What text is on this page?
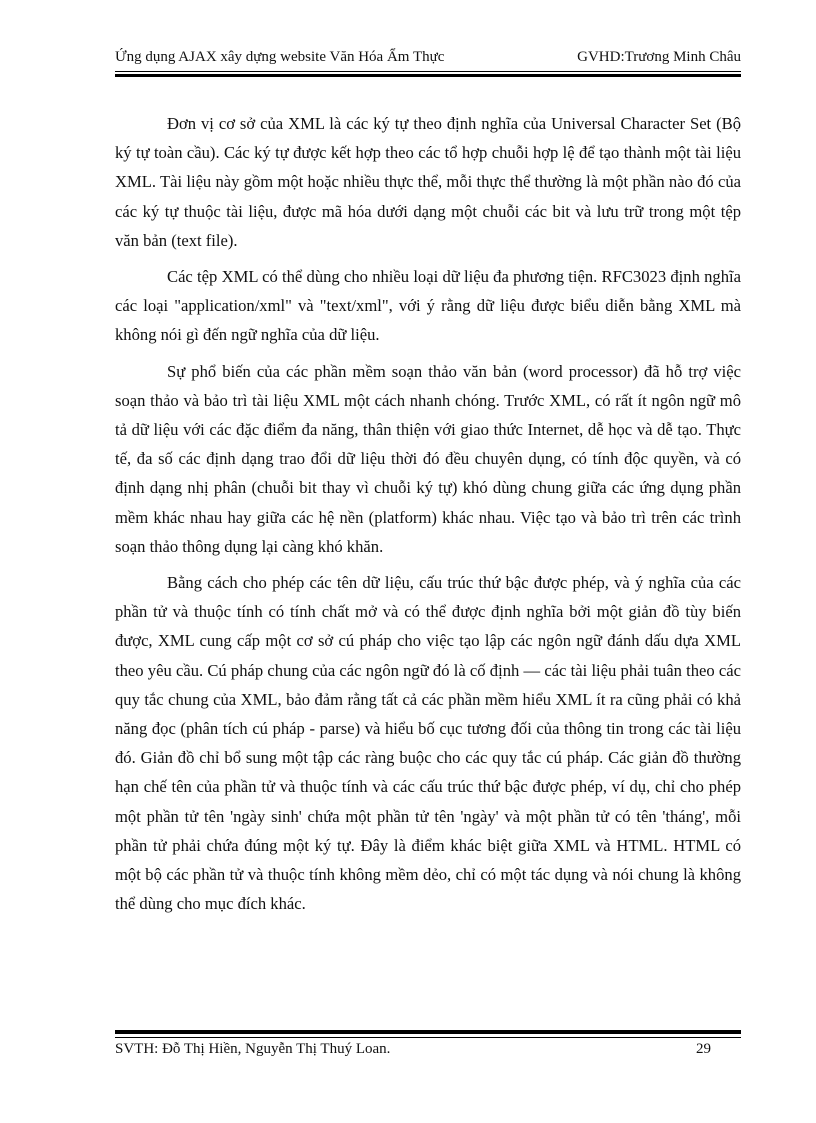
Ứng dụng AJAX xây dựng website Văn Hóa Ẩm Thực	GVHD:Trương Minh Châu

Đơn vị cơ sở của XML là các ký tự theo định nghĩa của Universal Character Set (Bộ ký tự toàn cầu). Các ký tự được kết hợp theo các tổ hợp chuỗi hợp lệ để tạo thành một tài liệu XML. Tài liệu này gồm một hoặc nhiều thực thể, mỗi thực thể thường là một phần nào đó của các ký tự thuộc tài liệu, được mã hóa dưới dạng một chuỗi các bit và lưu trữ trong một tệp văn bản (text file).

Các tệp XML có thể dùng cho nhiều loại dữ liệu đa phương tiện. RFC3023 định nghĩa các loại "application/xml" và "text/xml", với ý rằng dữ liệu được biểu diễn bằng XML mà không nói gì đến ngữ nghĩa của dữ liệu.

Sự phổ biến của các phần mềm soạn thảo văn bản (word processor) đã hỗ trợ việc soạn thảo và bảo trì tài liệu XML một cách nhanh chóng. Trước XML, có rất ít ngôn ngữ mô tả dữ liệu với các đặc điểm đa năng, thân thiện với giao thức Internet, dễ học và dễ tạo. Thực tế, đa số các định dạng trao đổi dữ liệu thời đó đều chuyên dụng, có tính độc quyền, và có định dạng nhị phân (chuỗi bit thay vì chuỗi ký tự) khó dùng chung giữa các ứng dụng phần mềm khác nhau hay giữa các hệ nền (platform) khác nhau. Việc tạo và bảo trì trên các trình soạn thảo thông dụng lại càng khó khăn.

Bằng cách cho phép các tên dữ liệu, cấu trúc thứ bậc được phép, và ý nghĩa của các phần tử và thuộc tính có tính chất mở và có thể được định nghĩa bởi một giản đồ tùy biến được, XML cung cấp một cơ sở cú pháp cho việc tạo lập các ngôn ngữ đánh dấu dựa XML theo yêu cầu. Cú pháp chung của các ngôn ngữ đó là cố định — các tài liệu phải tuân theo các quy tắc chung của XML, bảo đảm rằng tất cả các phần mềm hiểu XML ít ra cũng phải có khả năng đọc (phân tích cú pháp - parse) và hiểu bố cục tương đối của thông tin trong các tài liệu đó. Giản đồ chỉ bổ sung một tập các ràng buộc cho các quy tắc cú pháp. Các giản đồ thường hạn chế tên của phần tử và thuộc tính và các cấu trúc thứ bậc được phép, ví dụ, chỉ cho phép một phần tử tên 'ngày sinh' chứa một phần tử tên 'ngày' và một phần tử có tên 'tháng', mỗi phần tử phải chứa đúng một ký tự. Đây là điểm khác biệt giữa XML và HTML. HTML có một bộ các phần tử và thuộc tính không mềm dẻo, chỉ có một tác dụng và nói chung là không thể dùng cho mục đích khác.

SVTH: Đỗ Thị Hiền, Nguyễn Thị Thuý Loan.	29
